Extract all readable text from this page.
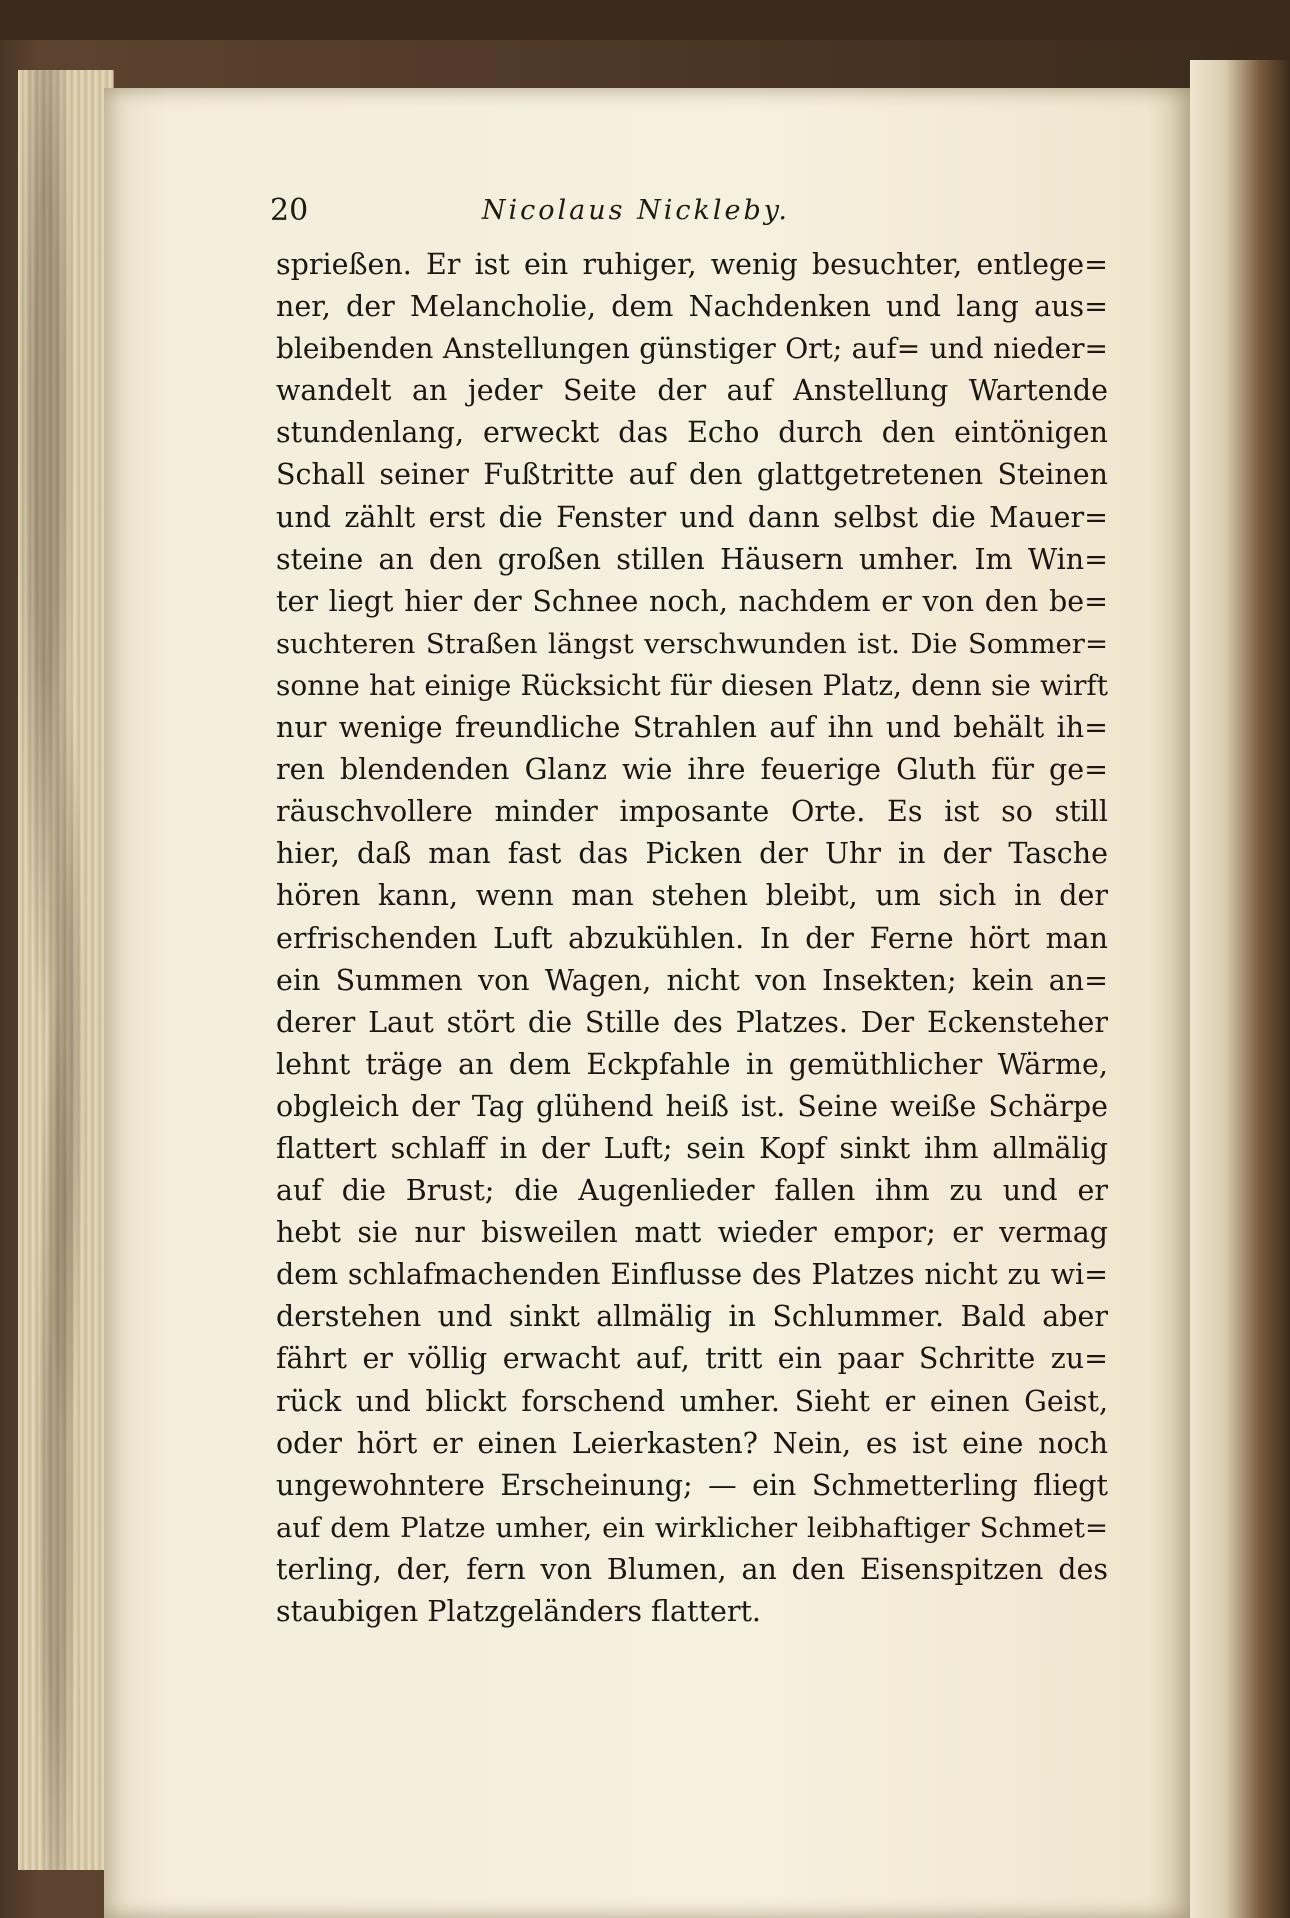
20	Nicolaus Nickleby.
sprießen. Er ist ein ruhiger, wenig besuchter, entlege=
ner, der Melancholie, dem Nachdenken und lang aus=
bleibenden Anstellungen günstiger Ort; auf= und nieder=
wandelt an jeder Seite der auf Anstellung Wartende
stundenlang, erweckt das Echo durch den eintönigen
Schall seiner Fußtritte auf den glattgetretenen Steinen
und zählt erst die Fenster und dann selbst die Mauer=
steine an den großen stillen Häusern umher. Im Win=
ter liegt hier der Schnee noch, nachdem er von den be=
suchteren Straßen längst verschwunden ist. Die Sommer=
sonne hat einige Rücksicht für diesen Platz, denn sie wirft
nur wenige freundliche Strahlen auf ihn und behält ih=
ren blendenden Glanz wie ihre feuerige Gluth für ge=
räuschvollere minder imposante Orte. Es ist so still
hier, daß man fast das Picken der Uhr in der Tasche
hören kann, wenn man stehen bleibt, um sich in der
erfrischenden Luft abzukühlen. In der Ferne hört man
ein Summen von Wagen, nicht von Insekten; kein an=
derer Laut stört die Stille des Platzes. Der Eckensteher
lehnt träge an dem Eckpfahle in gemüthlicher Wärme,
obgleich der Tag glühend heiß ist. Seine weiße Schärpe
flattert schlaff in der Luft; sein Kopf sinkt ihm allmälig
auf die Brust; die Augenlieder fallen ihm zu und er
hebt sie nur bisweilen matt wieder empor; er vermag
dem schlafmachenden Einflusse des Platzes nicht zu wi=
derstehen und sinkt allmälig in Schlummer. Bald aber
fährt er völlig erwacht auf, tritt ein paar Schritte zu=
rück und blickt forschend umher. Sieht er einen Geist,
oder hört er einen Leierkasten? Nein, es ist eine noch
ungewohntere Erscheinung; — ein Schmetterling fliegt
auf dem Platze umher, ein wirklicher leibhaftiger Schmet=
terling, der, fern von Blumen, an den Eisenspitzen des
staubigen Platzgeländers flattert.
